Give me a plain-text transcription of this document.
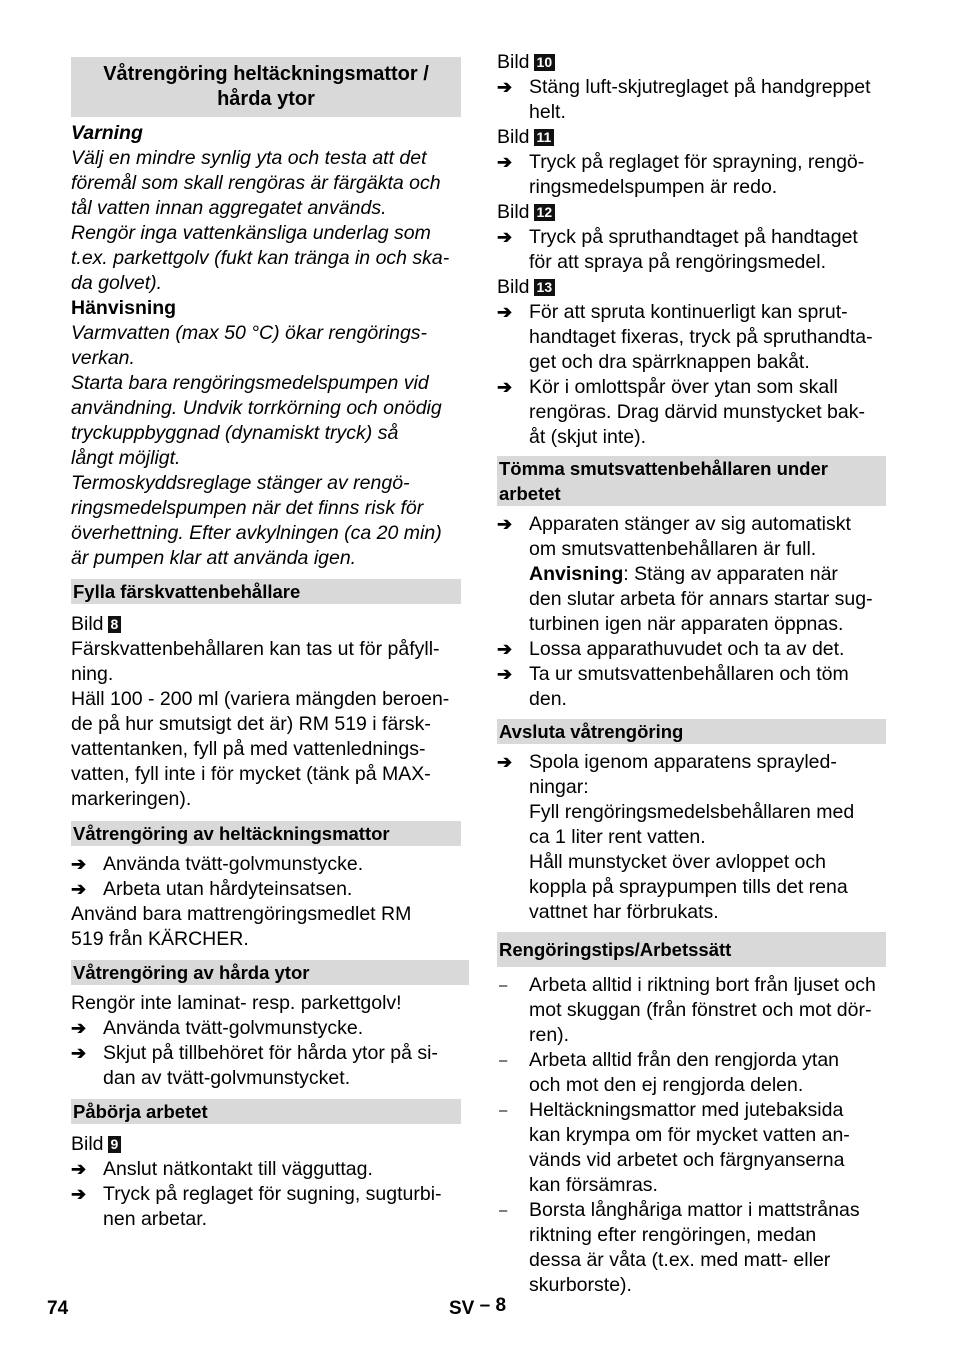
Våtrengöring heltäckningsmattor / hårda ytor
Varning
Välj en mindre synlig yta och testa att det
föremål som skall rengöras är färgäkta och
tål vatten innan aggregatet används.
Rengör inga vattenkänsliga underlag som
t.ex. parkettgolv (fukt kan tränga in och ska-
da golvet).
Hänvisning
Varmvatten (max 50 °C) ökar rengörings-
verkan.
Starta bara rengöringsmedelspumpen vid
användning. Undvik torrkörning och onödig
tryckuppbyggnad (dynamiskt tryck) så
långt möjligt.
Termoskyddsreglage stänger av rengö-
ringsmedelspumpen när det finns risk för
överhettning. Efter avkylningen (ca 20 min)
är pumpen klar att använda igen.
Fylla färskvattenbehållare
Bild 8
Färskvattenbehållaren kan tas ut för påfyll-
ning.
Häll 100 - 200 ml (variera mängden beroen-
de på hur smutsigt det är) RM 519 i färsk-
vattentanken, fyll på med vattenlednings-
vatten, fyll inte i för mycket (tänk på MAX-
markeringen).
Våtrengöring av heltäckningsmattor
➔ Använda tvätt-golvmunstycke.
➔ Arbeta utan hårdyteinsatsen.
Använd bara mattrengöringsmedlet RM
519 från KÄRCHER.
Våtrengöring av hårda ytor
Rengör inte laminat- resp. parkettgolv!
➔ Använda tvätt-golvmunstycke.
➔ Skjut på tillbehöret för hårda ytor på si-
dan av tvätt-golvmunstycket.
Påbörja arbetet
Bild 9
➔ Anslut nätkontakt till vägguttag.
➔ Tryck på reglaget för sugning, sugturbi-
nen arbetar.
Bild 10
➔ Stäng luft-skjutreglaget på handgreppet
helt.
Bild 11
➔ Tryck på reglaget för sprayning, rengö-
ringsmedelspumpen är redo.
Bild 12
➔ Tryck på spruthandtaget på handtaget
för att spraya på rengöringsmedel.
Bild 13
➔ För att spruta kontinuerligt kan sprut-
handtaget fixeras, tryck på spruthandta-
get och dra spärrknappen bakåt.
➔ Kör i omlottspår över ytan som skall
rengöras. Drag därvid munstycket bak-
åt (skjut inte).
Tömma smutsvattenbehållaren under
arbetet
➔ Apparaten stänger av sig automatiskt
om smutsvattenbehållaren är full.
Anvisning: Stäng av apparaten när
den slutar arbeta för annars startar sug-
turbinen igen när apparaten öppnas.
➔ Lossa apparathuvudet och ta av det.
➔ Ta ur smutsvattenbehållaren och töm
den.
Avsluta våtrengöring
➔ Spola igenom apparatens sprayled-
ningar:
Fyll rengöringsmedelsbehållaren med
ca 1 liter rent vatten.
Håll munstycket över avloppet och
koppla på spraypumpen tills det rena
vattnet har förbrukats.
Rengöringstips/Arbetssätt
–	Arbeta alltid i riktning bort från ljuset och
mot skuggan (från fönstret och mot dör-
ren).
–	Arbeta alltid från den rengjorda ytan
och mot den ej rengjorda delen.
–	Heltäckningsmattor med jutebaksida
kan krympa om för mycket vatten an-
vänds vid arbetet och färgnyanserna
kan försämras.
–	Borsta långhåriga mattor i mattstrånas
riktning efter rengöringen, medan
dessa är våta (t.ex. med matt- eller
skurborste).
74	SV – 8
